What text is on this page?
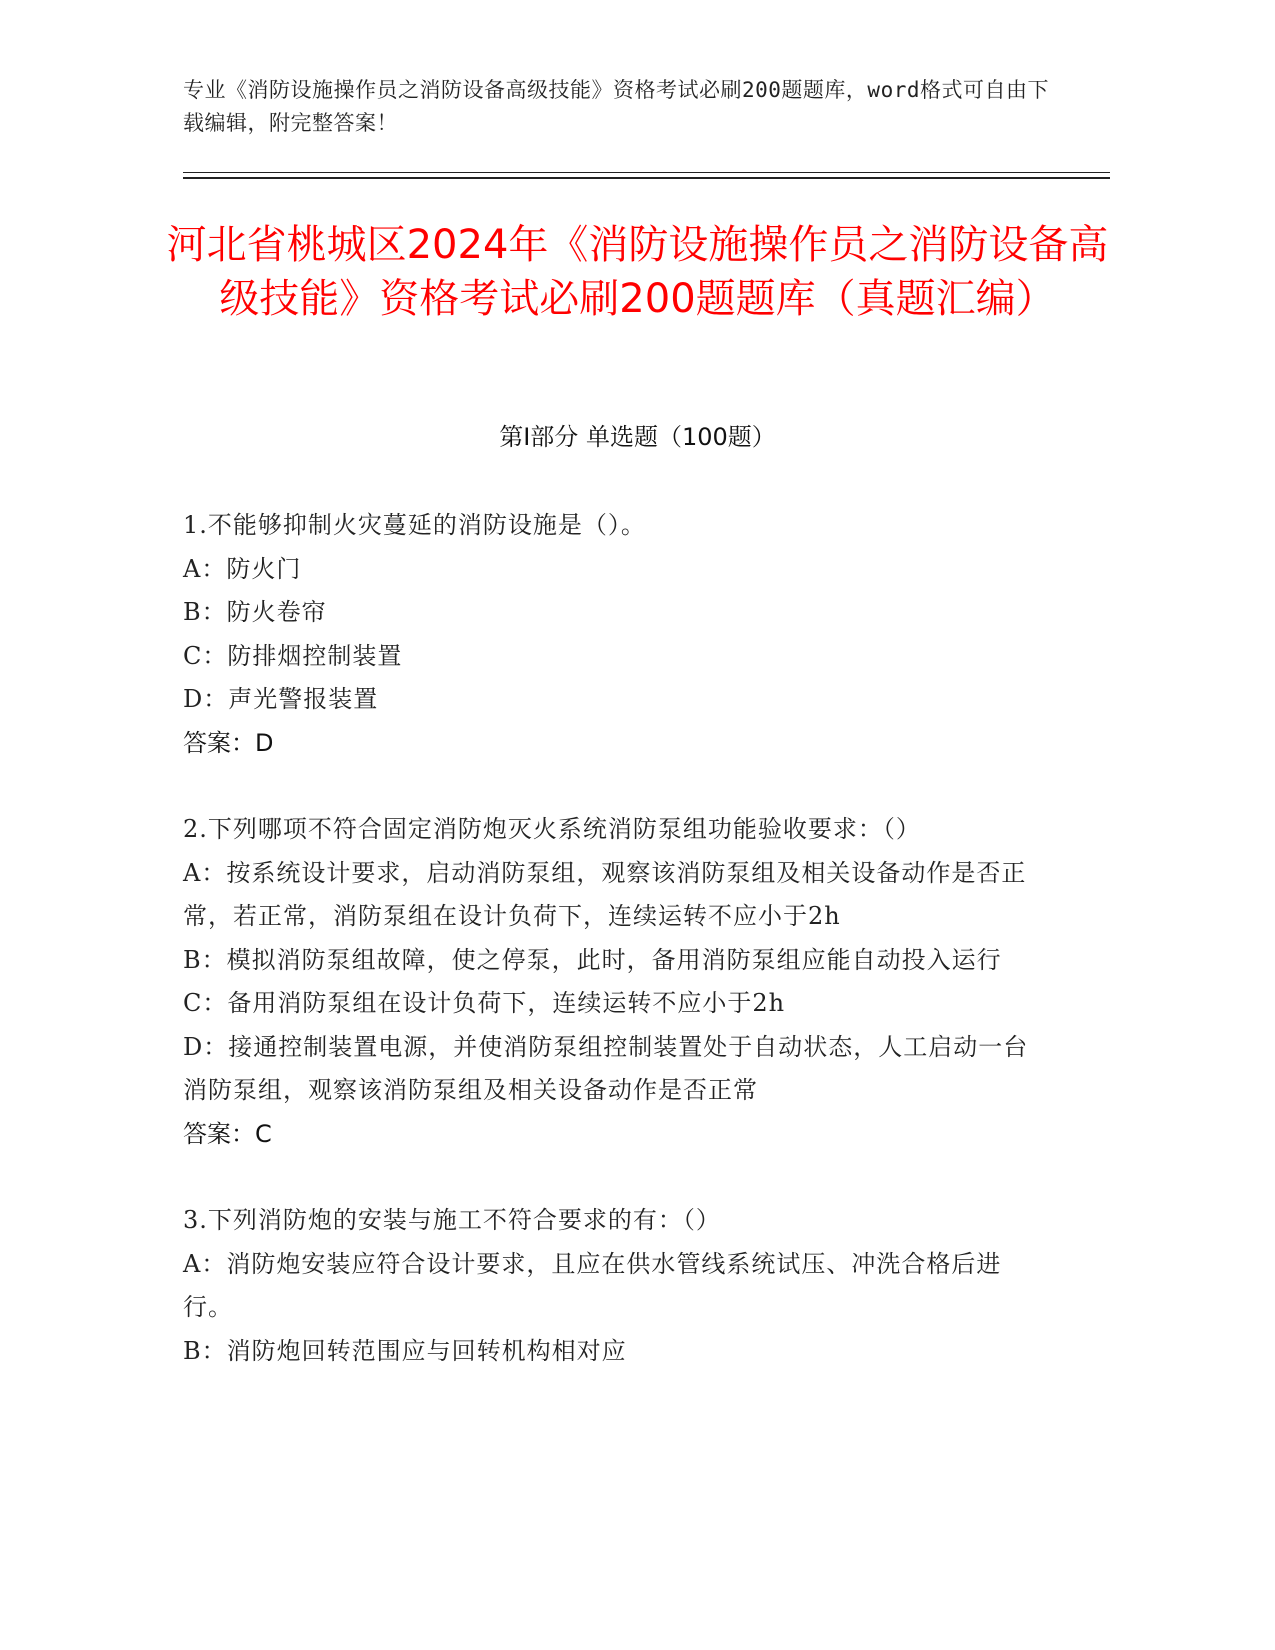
专业《消防设施操作员之消防设备高级技能》资格考试必刷200题题库，word格式可自由下载编辑，附完整答案！
河北省桃城区2024年《消防设施操作员之消防设备高级技能》资格考试必刷200题题库（真题汇编）
第I部分 单选题（100题）
1.不能够抑制火灾蔓延的消防设施是（）。
A：防火门
B：防火卷帘
C：防排烟控制装置
D：声光警报装置
答案：D
2.下列哪项不符合固定消防炮灭火系统消防泵组功能验收要求：（）
A：按系统设计要求，启动消防泵组，观察该消防泵组及相关设备动作是否正常，若正常，消防泵组在设计负荷下，连续运转不应小于2h
B：模拟消防泵组故障，使之停泵，此时，备用消防泵组应能自动投入运行
C：备用消防泵组在设计负荷下，连续运转不应小于2h
D：接通控制装置电源，并使消防泵组控制装置处于自动状态，人工启动一台消防泵组，观察该消防泵组及相关设备动作是否正常
答案：C
3.下列消防炮的安装与施工不符合要求的有：（）
A：消防炮安装应符合设计要求，且应在供水管线系统试压、冲洗合格后进行。
B：消防炮回转范围应与回转机构相对应
